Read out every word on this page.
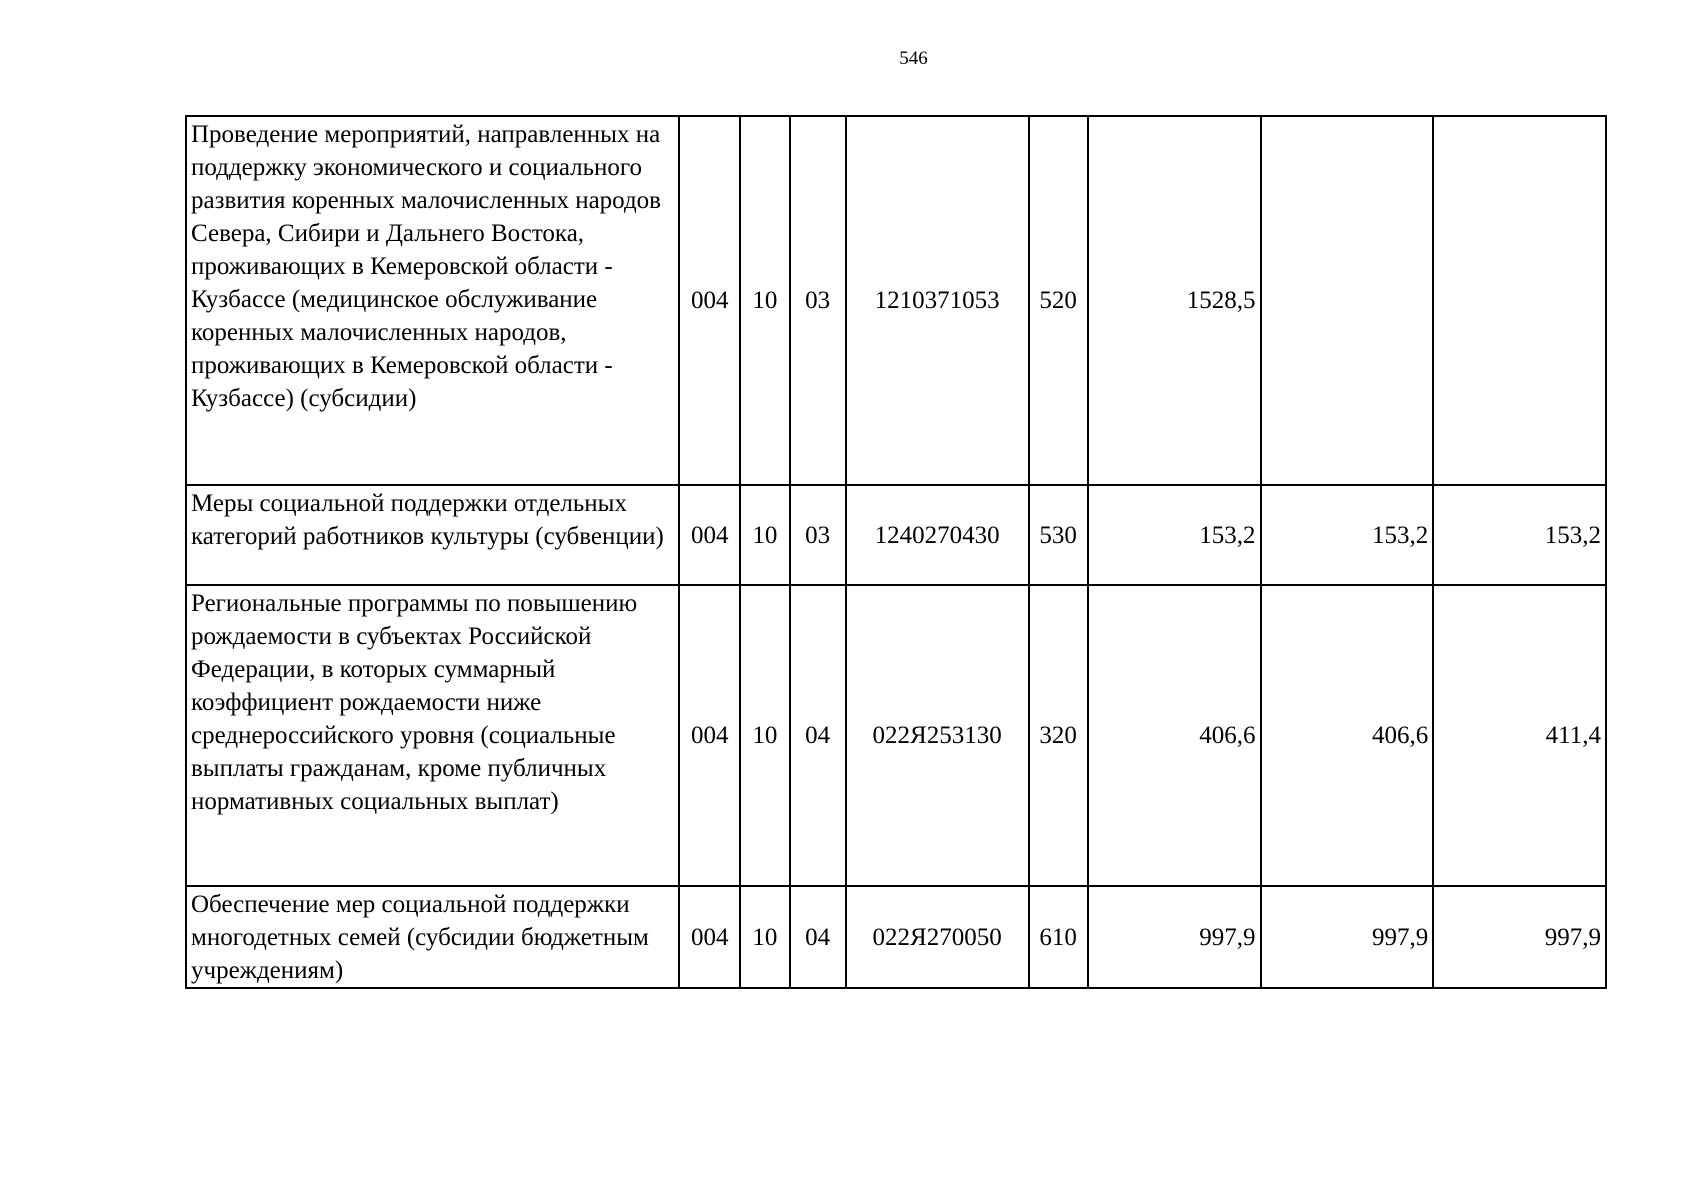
546
Проведение мероприятий, направленных на поддержку экономического и социального развития коренных малочисленных народов Севера, Сибири и Дальнего Востока, проживающих в Кемеровской области - Кузбассе (медицинское обслуживание коренных малочисленных народов, проживающих в Кемеровской области - Кузбассе) (субсидии)	004	10	03	1210371053	520	1528,5		
Меры социальной поддержки отдельных категорий работников культуры (субвенции)	004	10	03	1240270430	530	153,2	153,2	153,2
Региональные программы по повышению рождаемости в субъектах Российской Федерации, в которых суммарный коэффициент рождаемости ниже среднероссийского уровня (социальные выплаты гражданам, кроме публичных нормативных социальных выплат)	004	10	04	022Я253130	320	406,6	406,6	411,4
Обеспечение мер социальной поддержки многодетных семей (субсидии бюджетным учреждениям)	004	10	04	022Я270050	610	997,9	997,9	997,9
